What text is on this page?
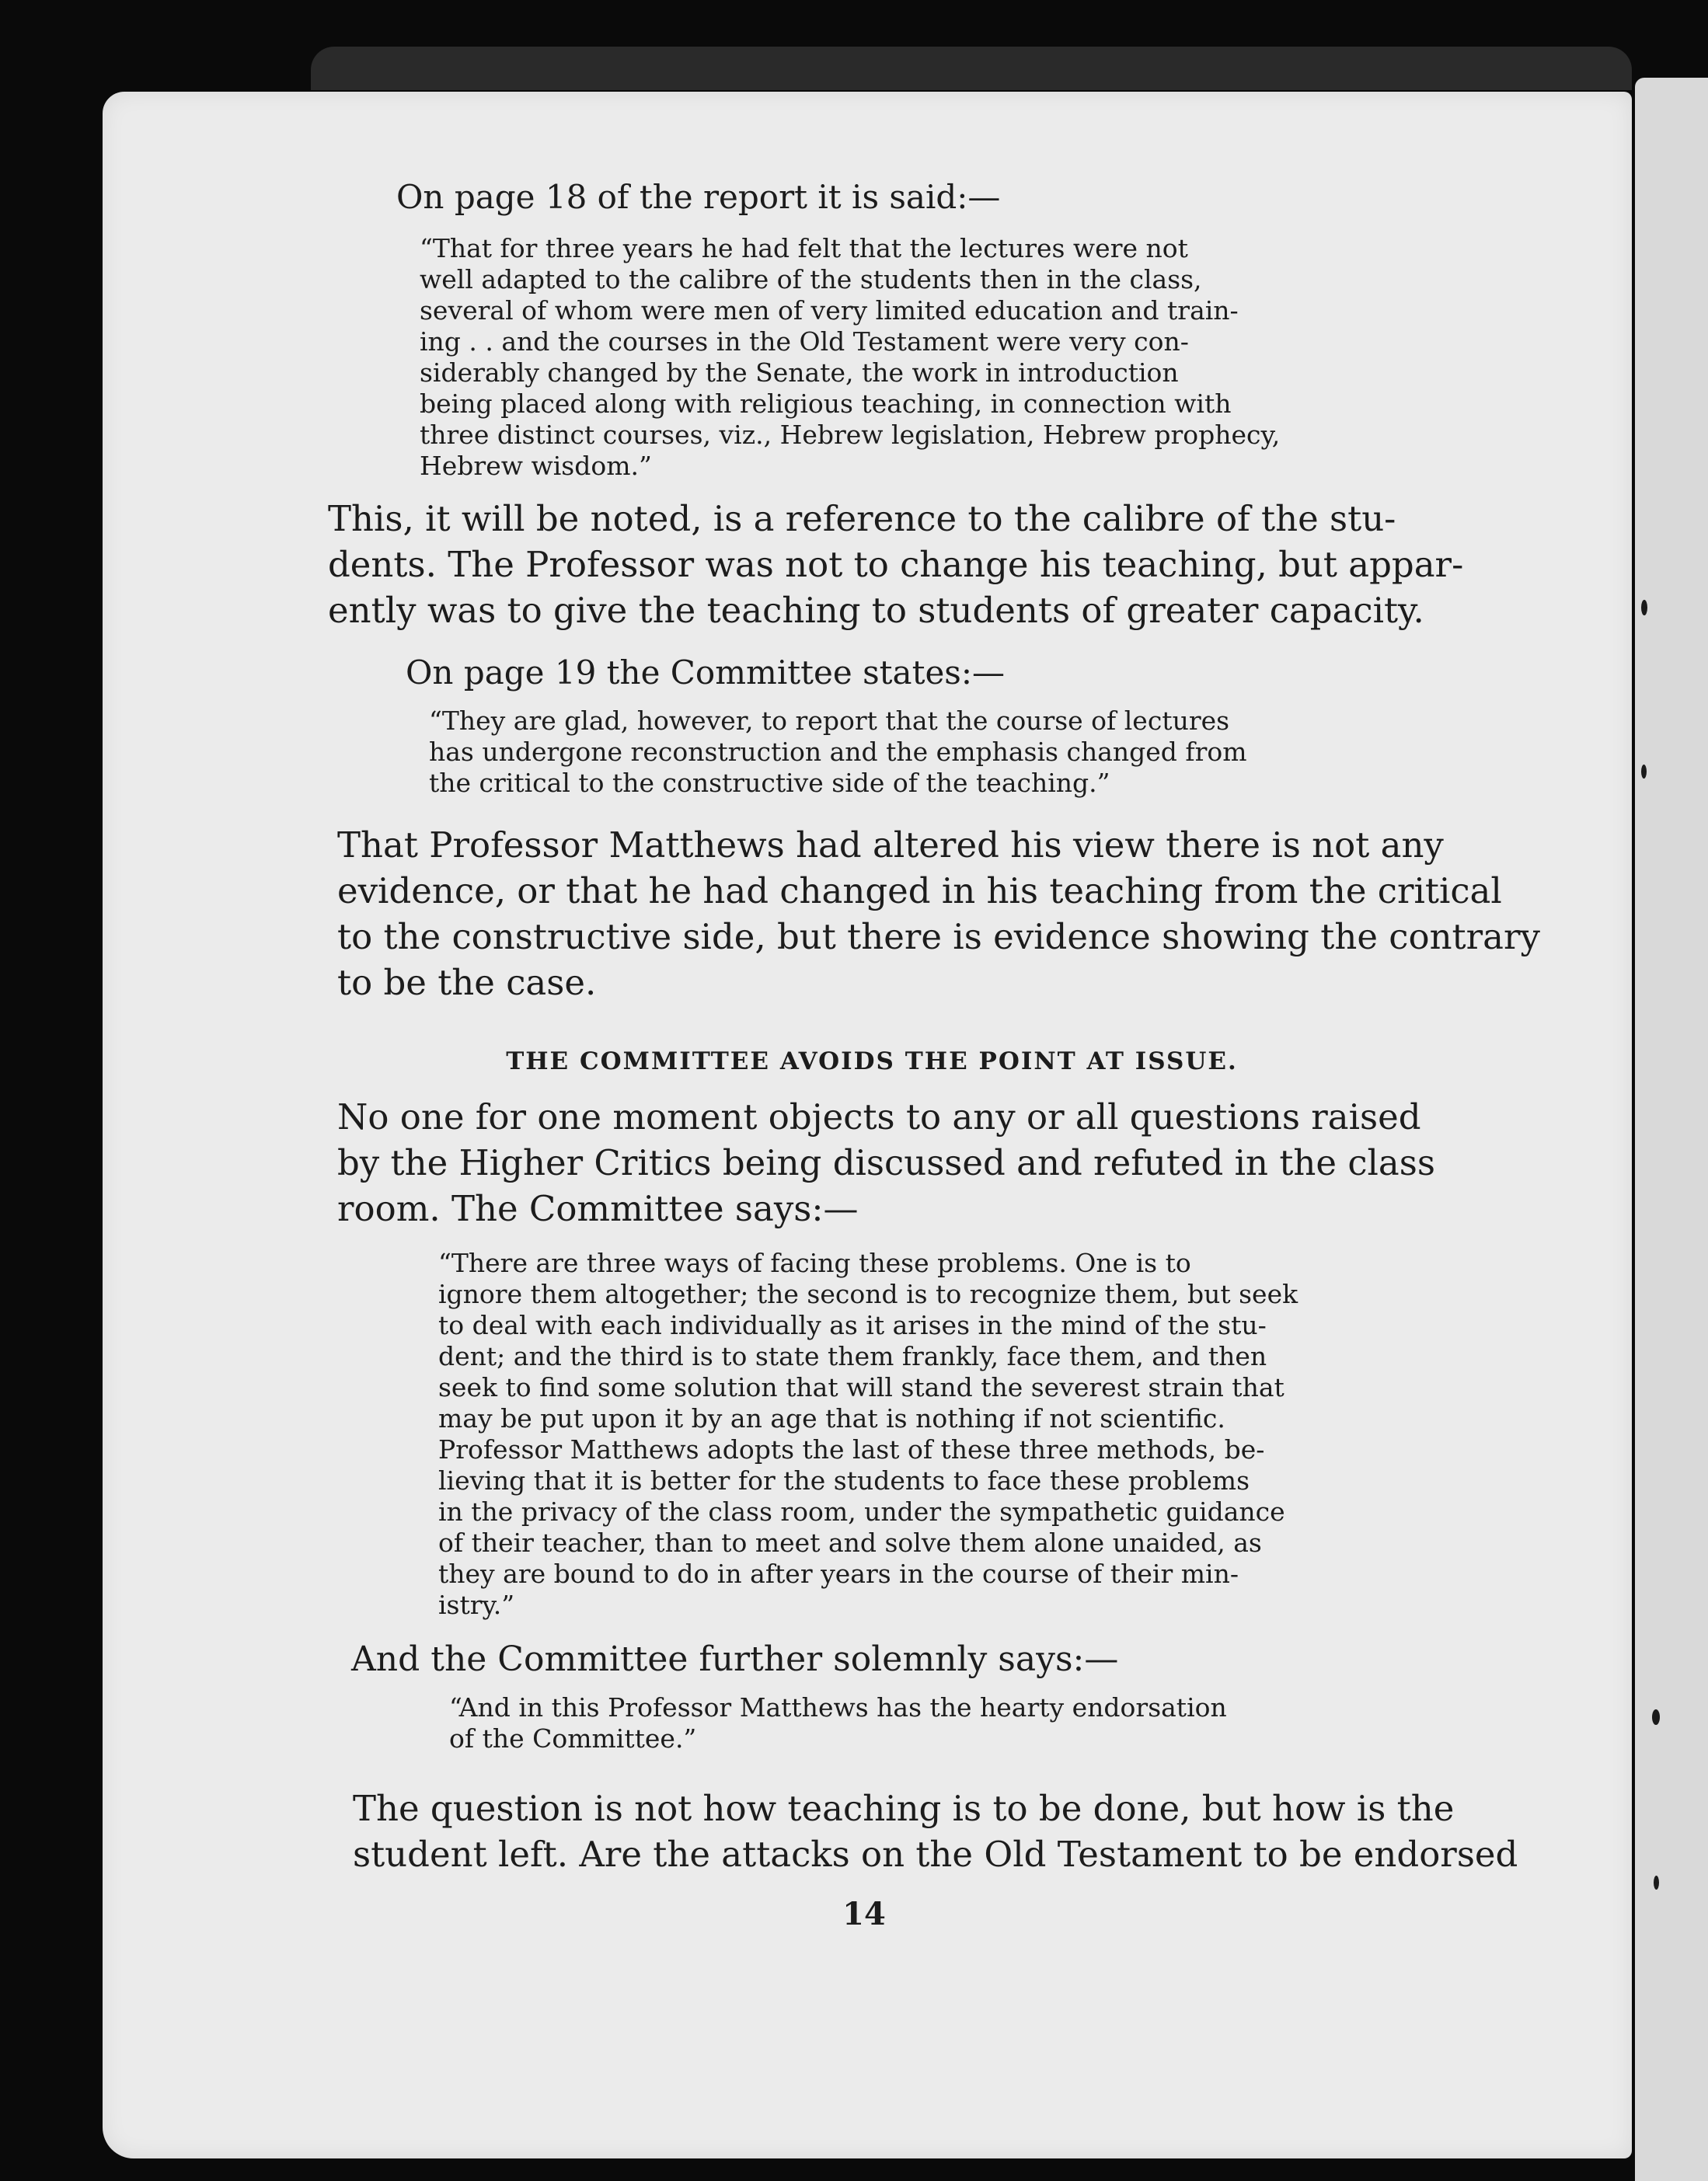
On page 18 of the report it is said:—

“That for three years he had felt that the lectures were not
well adapted to the calibre of the students then in the class,
several of whom were men of very limited education and train-
ing . . and the courses in the Old Testament were very con-
siderably changed by the Senate, the work in introduction
being placed along with religious teaching, in connection with
three distinct courses, viz., Hebrew legislation, Hebrew prophecy,
Hebrew wisdom.”
This, it will be noted, is a reference to the calibre of the stu-
dents. The Professor was not to change his teaching, but appar-
ently was to give the teaching to students of greater capacity.

On page 19 the Committee states:—

“They are glad, however, to report that the course of lectures
has undergone reconstruction and the emphasis changed from
the critical to the constructive side of the teaching.”
That Professor Matthews had altered his view there is not any
evidence, or that he had changed in his teaching from the critical
to the constructive side, but there is evidence showing the contrary
to be the case.

THE COMMITTEE AVOIDS THE POINT AT ISSUE.

No one for one moment objects to any or all questions raised
by the Higher Critics being discussed and refuted in the class
room. The Committee says:—
“There are three ways of facing these problems. One is to
ignore them altogether; the second is to recognize them, but seek
to deal with each individually as it arises in the mind of the stu-
dent; and the third is to state them frankly, face them, and then
seek to find some solution that will stand the severest strain that
may be put upon it by an age that is nothing if not scientific.
Professor Matthews adopts the last of these three methods, be-
lieving that it is better for the students to face these problems
in the privacy of the class room, under the sympathetic guidance
of their teacher, than to meet and solve them alone unaided, as
they are bound to do in after years in the course of their min-
istry.”

And the Committee further solemnly says:—

“And in this Professor Matthews has the hearty endorsation
of the Committee.”
The question is not how teaching is to be done, but how is the
student left. Are the attacks on the Old Testament to be endorsed

14
